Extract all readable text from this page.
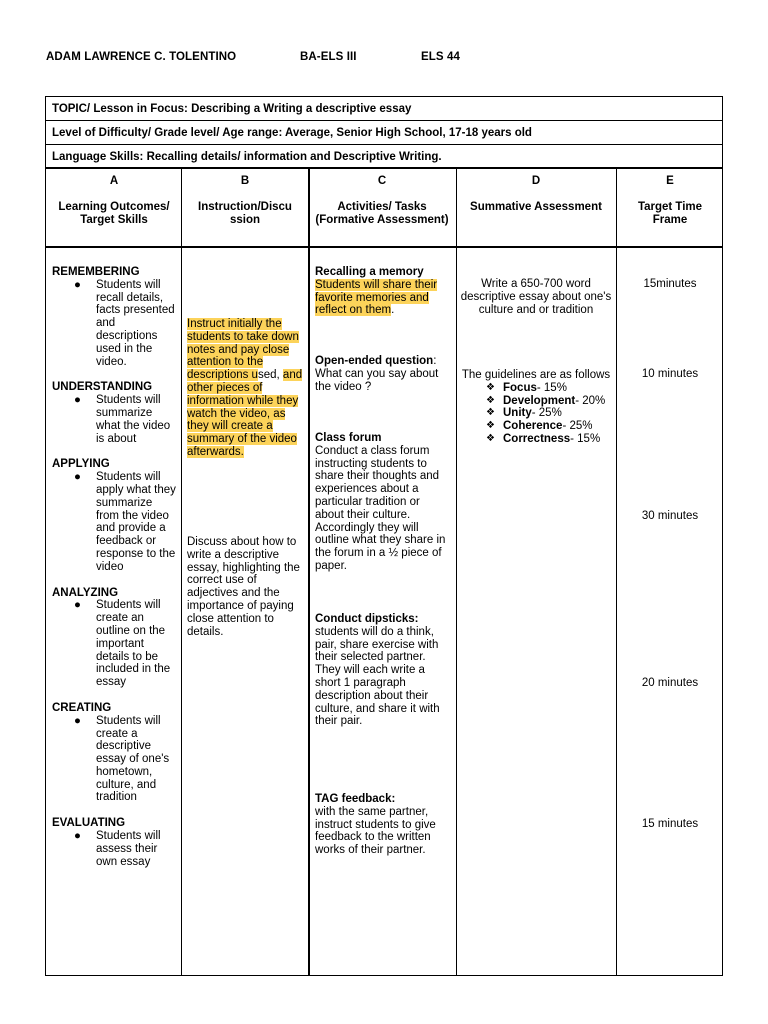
ADAM LAWRENCE C. TOLENTINO	BA-ELS III	ELS 44
TOPIC/ Lesson in Focus: Describing a Writing a descriptive essay
Level of Difficulty/ Grade level/ Age range: Average, Senior High School, 17-18 years old
Language Skills: Recalling details/ information and Descriptive Writing.
A
Learning Outcomes/ Target Skills
B
Instruction/Discu ssion
C
Activities/ Tasks (Formative Assessment)
D
Summative Assessment
E
Target Time Frame
REMEMBERING
● Students will recall details, facts presented and descriptions used in the video.
UNDERSTANDING
● Students will summarize what the video is about
APPLYING
● Students will apply what they summarize from the video and provide a feedback or response to the video
ANALYZING
● Students will create an outline on the important details to be included in the essay
CREATING
● Students will create a descriptive essay of one's hometown, culture, and tradition
EVALUATING
● Students will assess their own essay
Instruct initially the students to take down notes and pay close attention to the descriptions used, and other pieces of information while they watch the video, as they will create a summary of the video afterwards.
Discuss about how to write a descriptive essay, highlighting the correct use of adjectives and the importance of paying close attention to details.
Recalling a memory
Students will share their favorite memories and reflect on them.
Open-ended question: What can you say about the video ?
Class forum
Conduct a class forum instructing students to share their thoughts and experiences about a particular tradition or about their culture. Accordingly they will outline what they share in the forum in a ½ piece of paper.
Conduct dipsticks:
students will do a think, pair, share exercise with their selected partner. They will each write a short 1 paragraph description about their culture, and share it with their pair.
TAG feedback:
with the same partner, instruct students to give feedback to the written works of their partner.
Write a 650-700 word descriptive essay about one's culture and or tradition
The guidelines are as follows
❖ Focus- 15%
❖ Development- 20%
❖ Unity- 25%
❖ Coherence- 25%
❖ Correctness- 15%
15minutes
10 minutes
30 minutes
20 minutes
15 minutes
